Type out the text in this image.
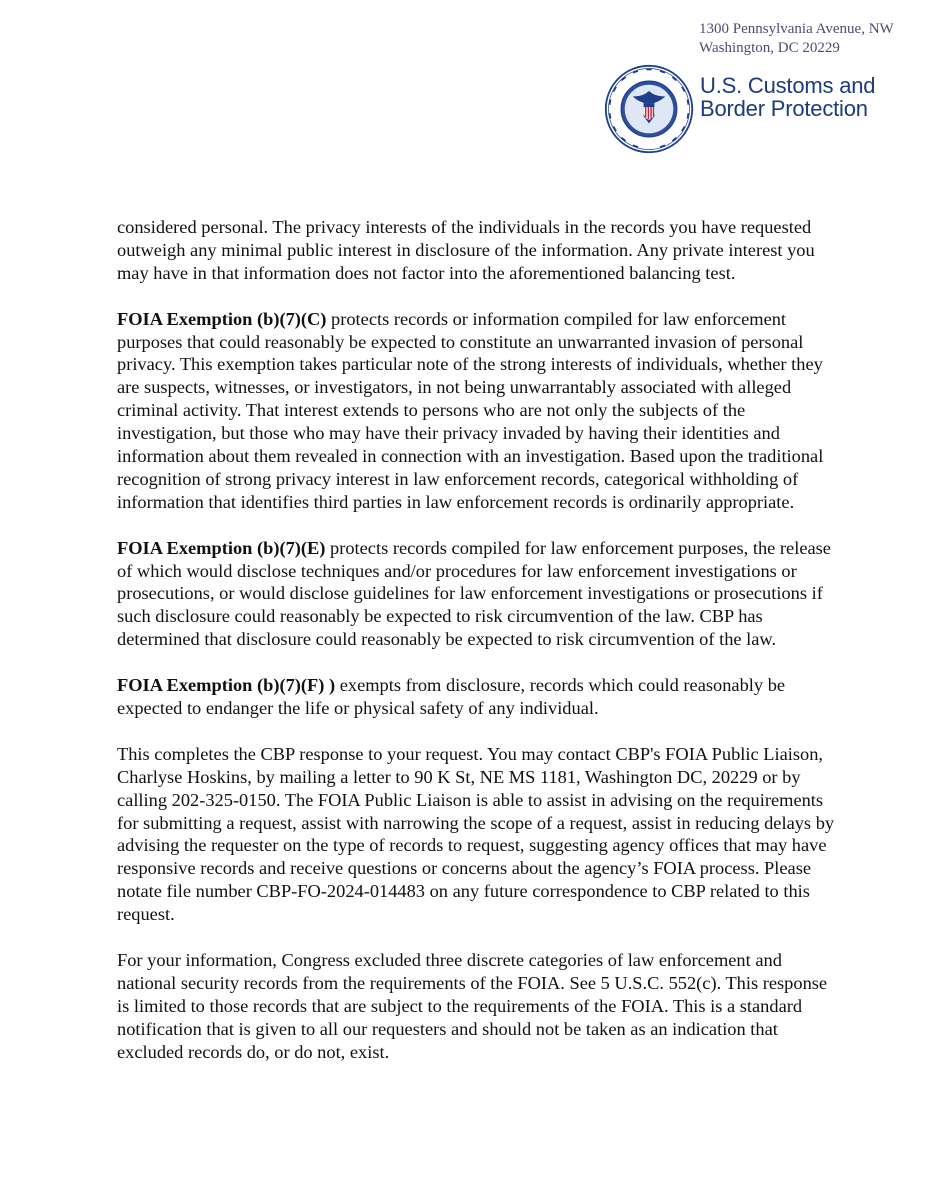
1300 Pennsylvania Avenue, NW
Washington, DC 20229
U.S. Customs and
Border Protection

considered personal. The privacy interests of the individuals in the records you have requested outweigh any minimal public interest in disclosure of the information. Any private interest you may have in that information does not factor into the aforementioned balancing test.

FOIA Exemption (b)(7)(C) protects records or information compiled for law enforcement purposes that could reasonably be expected to constitute an unwarranted invasion of personal privacy. This exemption takes particular note of the strong interests of individuals, whether they are suspects, witnesses, or investigators, in not being unwarrantably associated with alleged criminal activity. That interest extends to persons who are not only the subjects of the investigation, but those who may have their privacy invaded by having their identities and information about them revealed in connection with an investigation. Based upon the traditional recognition of strong privacy interest in law enforcement records, categorical withholding of information that identifies third parties in law enforcement records is ordinarily appropriate.

FOIA Exemption (b)(7)(E) protects records compiled for law enforcement purposes, the release of which would disclose techniques and/or procedures for law enforcement investigations or prosecutions, or would disclose guidelines for law enforcement investigations or prosecutions if such disclosure could reasonably be expected to risk circumvention of the law. CBP has determined that disclosure could reasonably be expected to risk circumvention of the law.

FOIA Exemption (b)(7)(F) ) exempts from disclosure, records which could reasonably be expected to endanger the life or physical safety of any individual.

This completes the CBP response to your request. You may contact CBP's FOIA Public Liaison, Charlyse Hoskins, by mailing a letter to 90 K St, NE MS 1181, Washington DC, 20229 or by calling 202-325-0150. The FOIA Public Liaison is able to assist in advising on the requirements for submitting a request, assist with narrowing the scope of a request, assist in reducing delays by advising the requester on the type of records to request, suggesting agency offices that may have responsive records and receive questions or concerns about the agency’s FOIA process. Please notate file number CBP-FO-2024-014483 on any future correspondence to CBP related to this request.

For your information, Congress excluded three discrete categories of law enforcement and national security records from the requirements of the FOIA. See 5 U.S.C. 552(c). This response is limited to those records that are subject to the requirements of the FOIA. This is a standard notification that is given to all our requesters and should not be taken as an indication that excluded records do, or do not, exist.
